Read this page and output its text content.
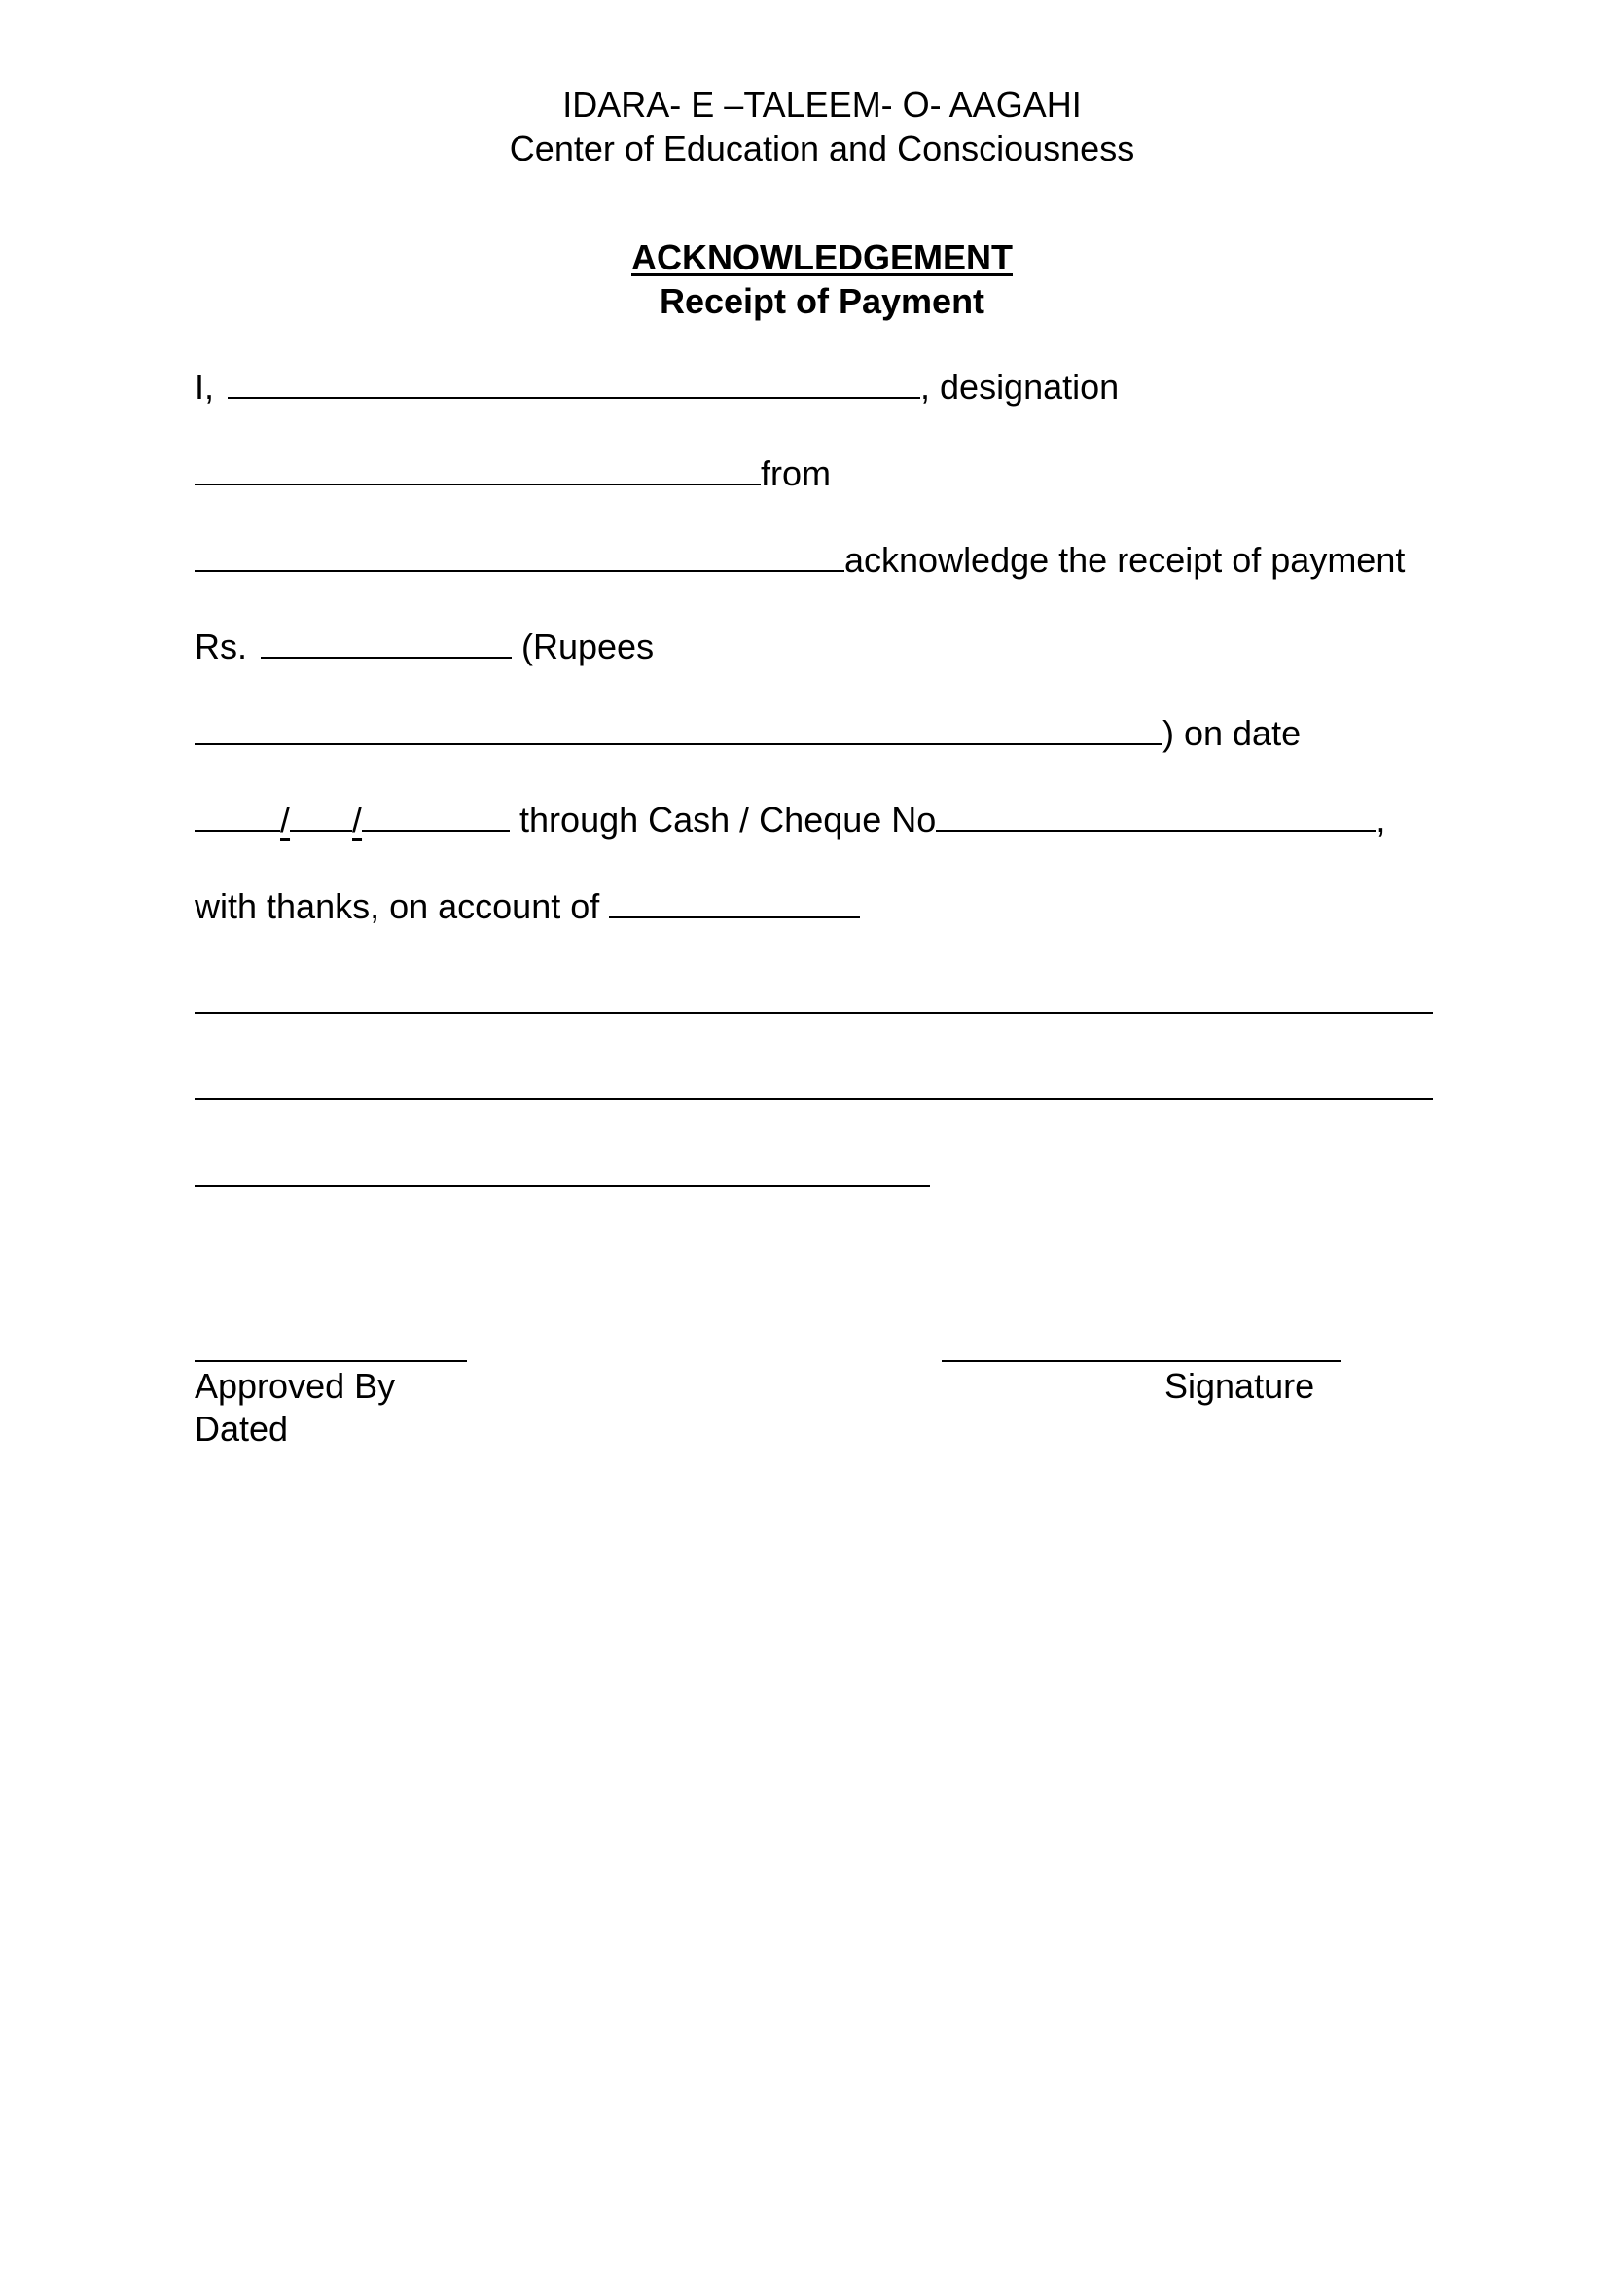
IDARA- E –TALEEM- O- AAGAHI
Center of Education and Consciousness
ACKNOWLEDGEMENT
Receipt of Payment
I,	, designation
from
acknowledge the receipt of payment
Rs.	(Rupees
) on date
/ /	through Cash / Cheque No	,
with thanks, on account of
Approved By	Signature
Dated
